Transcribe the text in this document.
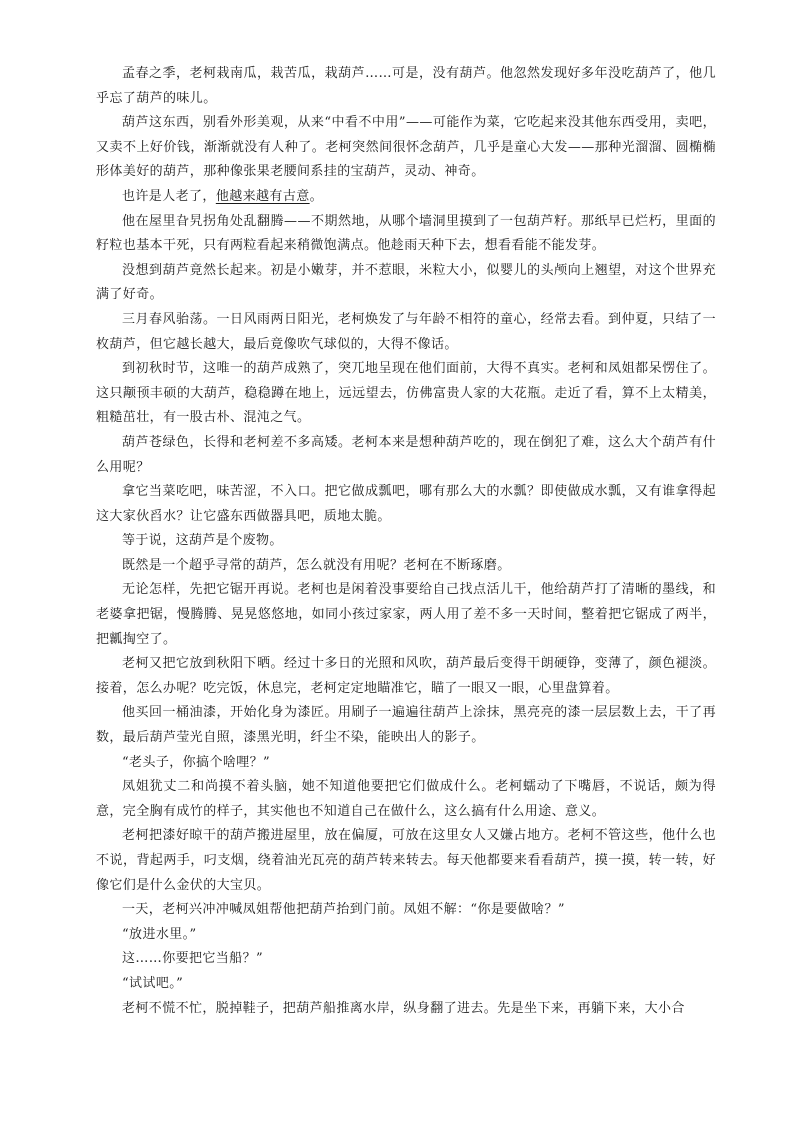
孟春之季，老柯栽南瓜，栽苦瓜，栽葫芦……可是，没有葫芦。他忽然发现好多年没吃葫芦了，他几乎忘了葫芦的味儿。

葫芦这东西，别看外形美观，从来“中看不中用”——可能作为菜，它吃起来没其他东西受用，卖吧，又卖不上好价钱，渐渐就没有人种了。老柯突然间很怀念葫芦，几乎是童心大发——那种光溜溜、圆椭椭形体美好的葫芦，那种像张果老腰间系挂的宝葫芦，灵动、神奇。

也许是人老了，他越来越有古意。

他在屋里旮旯拐角处乱翻腾——不期然地，从哪个墙洞里摸到了一包葫芦籽。那纸早已烂朽，里面的籽粒也基本干死，只有两粒看起来稍微饱满点。他趁雨天种下去，想看看能不能发芽。

没想到葫芦竟然长起来。初是小嫩芽，并不惹眼，米粒大小，似婴儿的头颅向上翘望，对这个世界充满了好奇。

三月春风骀荡。一日风雨两日阳光，老柯焕发了与年龄不相符的童心，经常去看。到仲夏，只结了一枚葫芦，但它越长越大，最后竟像吹气球似的，大得不像话。

到初秋时节，这唯一的葫芦成熟了，突兀地呈现在他们面前，大得不真实。老柯和凤姐都呆愣住了。这只颟顸丰硕的大葫芦，稳稳蹲在地上，远远望去，仿佛富贵人家的大花瓶。走近了看，算不上太精美，粗糙茁壮，有一股古朴、混沌之气。

葫芦苍绿色，长得和老柯差不多高矮。老柯本来是想种葫芦吃的，现在倒犯了难，这么大个葫芦有什么用呢？

拿它当菜吃吧，味苦涩，不入口。把它做成瓢吧，哪有那么大的水瓢？即使做成水瓢，又有谁拿得起这大家伙舀水？让它盛东西做器具吧，质地太脆。

等于说，这葫芦是个废物。

既然是一个超乎寻常的葫芦，怎么就没有用呢？老柯在不断琢磨。

无论怎样，先把它锯开再说。老柯也是闲着没事要给自己找点活儿干，他给葫芦打了清晰的墨线，和老婆拿把锯，慢腾腾、晃晃悠悠地，如同小孩过家家，两人用了差不多一天时间，整着把它锯成了两半，把瓤掏空了。

老柯又把它放到秋阳下晒。经过十多日的光照和风吹，葫芦最后变得干朗硬铮，变薄了，颜色褪淡。接着，怎么办呢？吃完饭，休息完，老柯定定地瞄准它，瞄了一眼又一眼，心里盘算着。

他买回一桶油漆，开始化身为漆匠。用刷子一遍遍往葫芦上涂抹，黑亮亮的漆一层层数上去，干了再数，最后葫芦莹光自照，漆黑光明，纤尘不染，能映出人的影子。

“老头子，你搞个啥哩？”

凤姐犹丈二和尚摸不着头脑，她不知道他要把它们做成什么。老柯蠕动了下嘴唇，不说话，颇为得意，完全胸有成竹的样子，其实他也不知道自己在做什么，这么搞有什么用途、意义。

老柯把漆好晾干的葫芦搬进屋里，放在偏厦，可放在这里女人又嫌占地方。老柯不管这些，他什么也不说，背起两手，叼支烟，绕着油光瓦亮的葫芦转来转去。每天他都要来看看葫芦，摸一摸，转一转，好像它们是什么金伏的大宝贝。

一天，老柯兴冲冲喊凤姐帮他把葫芦抬到门前。凤姐不解：“你是要做啥？”

“放进水里。”

这……你要把它当船？”

“试试吧。”

老柯不慌不忙，脱掉鞋子，把葫芦船推离水岸，纵身翻了进去。先是坐下来，再躺下来，大小合
